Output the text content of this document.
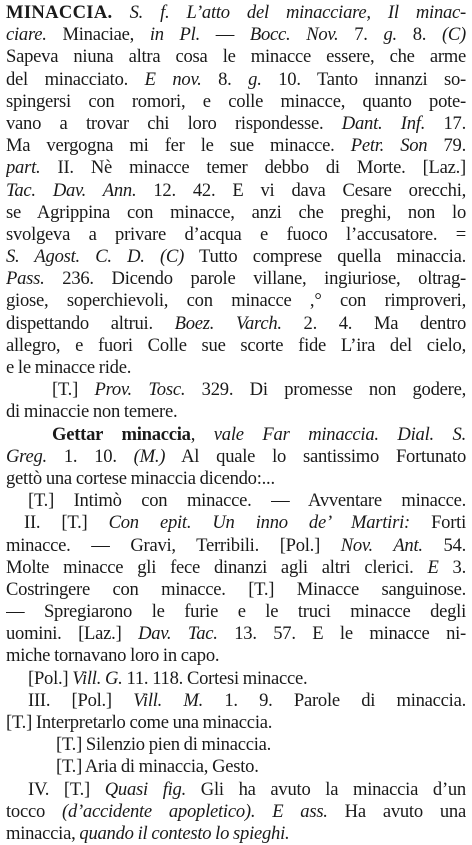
MINACCIA. S. f. L’atto del minacciare, Il minac-
ciare. Minaciae, in Pl. — Bocc. Nov. 7. g. 8. (C)
Sapeva niuna altra cosa le minacce essere, che arme
del minacciato. E nov. 8. g. 10. Tanto innanzi so-
spingersi con romori, e colle minacce, quanto pote-
vano a trovar chi loro rispondesse. Dant. Inf. 17.
Ma vergogna mi fer le sue minacce. Petr. Son 79.
part. II. Nè minacce temer debbo di Morte. [Laz.]
Tac. Dav. Ann. 12. 42. E vi dava Cesare orecchi,
se Agrippina con minacce, anzi che preghi, non lo
svolgeva a privare d’acqua e fuoco l’accusatore. =
S. Agost. C. D. (C) Tutto comprese quella minaccia.
Pass. 236. Dicendo parole villane, ingiuriose, oltrag-
giose, soperchievoli, con minacce ,° con rimproveri,
dispettando altrui. Boez. Varch. 2. 4. Ma dentro
allegro, e fuori Colle sue scorte fide L’ira del cielo,
e le minacce ride.
[T.] Prov. Tosc. 329. Di promesse non godere,
di minaccie non temere.
Gettar minaccia, vale Far minaccia. Dial. S.
Greg. 1. 10. (M.) Al quale lo santissimo Fortunato
gettò una cortese minaccia dicendo:...
[T.] Intimò con minacce. — Avventare minacce.
II. [T.] Con epit. Un inno de’ Martiri: Forti
minacce. — Gravi, Terribili. [Pol.] Nov. Ant. 54.
Molte minacce gli fece dinanzi agli altri clerici. E 3.
Costringere con minacce. [T.] Minacce sanguinose.
— Spregiarono le furie e le truci minacce degli
uomini. [Laz.] Dav. Tac. 13. 57. E le minacce ni-
miche tornavano loro in capo.
[Pol.] Vill. G. 11. 118. Cortesi minacce.
III. [Pol.] Vill. M. 1. 9. Parole di minaccia.
[T.] Interpretarlo come una minaccia.
[T.] Silenzio pien di minaccia.
[T.] Aria di minaccia, Gesto.
IV. [T.] Quasi fig. Gli ha avuto la minaccia d’un
tocco (d’accidente apopletico). E ass. Ha avuto una
minaccia, quando il contesto lo spieghi.
